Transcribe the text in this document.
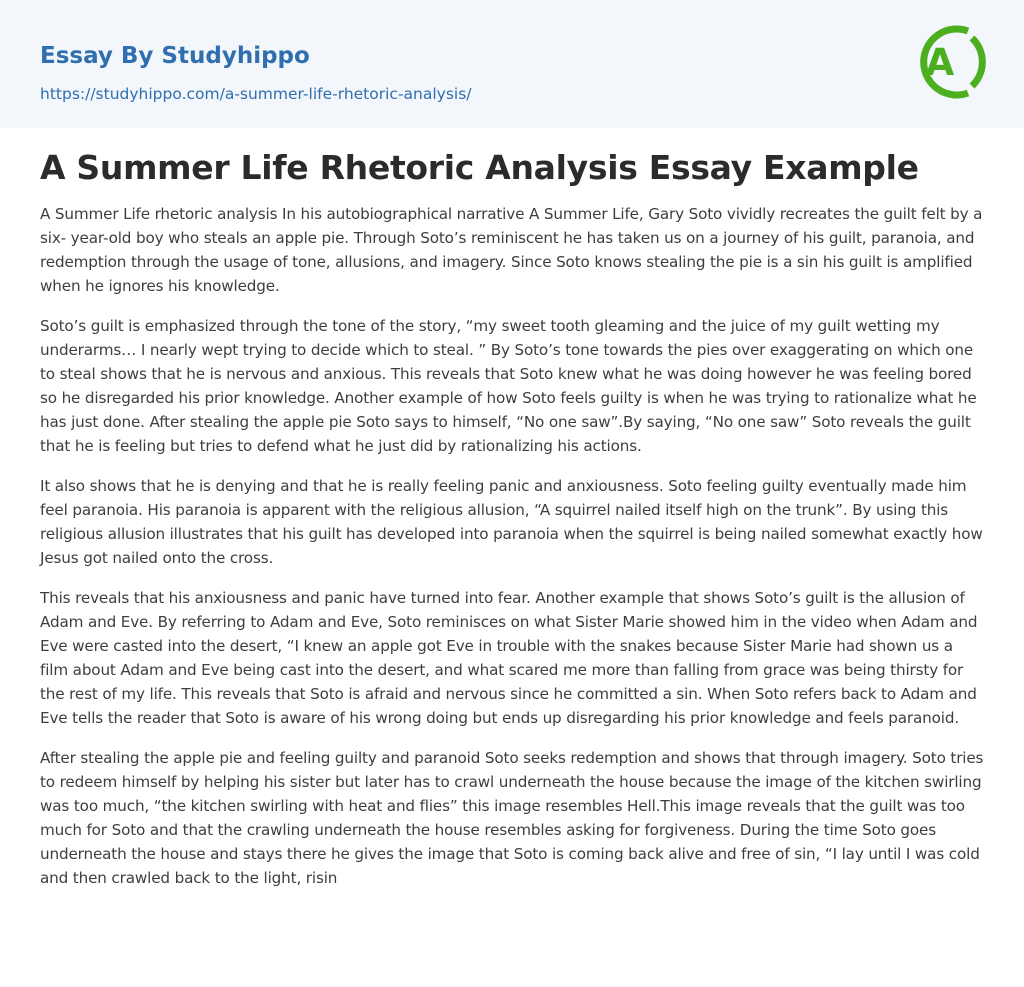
Essay By Studyhippo
https://studyhippo.com/a-summer-life-rhetoric-analysis/
A
A Summer Life Rhetoric Analysis Essay Example

A Summer Life rhetoric analysis In his autobiographical narrative A Summer Life, Gary Soto vividly recreates the guilt felt by a six- year-old boy who steals an apple pie. Through Soto’s reminiscent he has taken us on a journey of his guilt, paranoia, and redemption through the usage of tone, allusions, and imagery. Since Soto knows stealing the pie is a sin his guilt is amplified when he ignores his knowledge.

Soto’s guilt is emphasized through the tone of the story, “my sweet tooth gleaming and the juice of my guilt wetting my underarms… I nearly wept trying to decide which to steal. ” By Soto’s tone towards the pies over exaggerating on which one to steal shows that he is nervous and anxious. This reveals that Soto knew what he was doing however he was feeling bored so he disregarded his prior knowledge. Another example of how Soto feels guilty is when he was trying to rationalize what he has just done. After stealing the apple pie Soto says to himself, “No one saw”.By saying, “No one saw” Soto reveals the guilt that he is feeling but tries to defend what he just did by rationalizing his actions.

It also shows that he is denying and that he is really feeling panic and anxiousness. Soto feeling guilty eventually made him feel paranoia. His paranoia is apparent with the religious allusion, “A squirrel nailed itself high on the trunk”. By using this religious allusion illustrates that his guilt has developed into paranoia when the squirrel is being nailed somewhat exactly how Jesus got nailed onto the cross.

This reveals that his anxiousness and panic have turned into fear. Another example that shows Soto’s guilt is the allusion of Adam and Eve. By referring to Adam and Eve, Soto reminisces on what Sister Marie showed him in the video when Adam and Eve were casted into the desert, “I knew an apple got Eve in trouble with the snakes because Sister Marie had shown us a film about Adam and Eve being cast into the desert, and what scared me more than falling from grace was being thirsty for the rest of my life. This reveals that Soto is afraid and nervous since he committed a sin. When Soto refers back to Adam and Eve tells the reader that Soto is aware of his wrong doing but ends up disregarding his prior knowledge and feels paranoid.

After stealing the apple pie and feeling guilty and paranoid Soto seeks redemption and shows that through imagery. Soto tries to redeem himself by helping his sister but later has to crawl underneath the house because the image of the kitchen swirling was too much, “the kitchen swirling with heat and flies” this image resembles Hell.This image reveals that the guilt was too much for Soto and that the crawling underneath the house resembles asking for forgiveness. During the time Soto goes underneath the house and stays there he gives the image that Soto is coming back alive and free of sin, “I lay until I was cold and then crawled back to the light, risin
